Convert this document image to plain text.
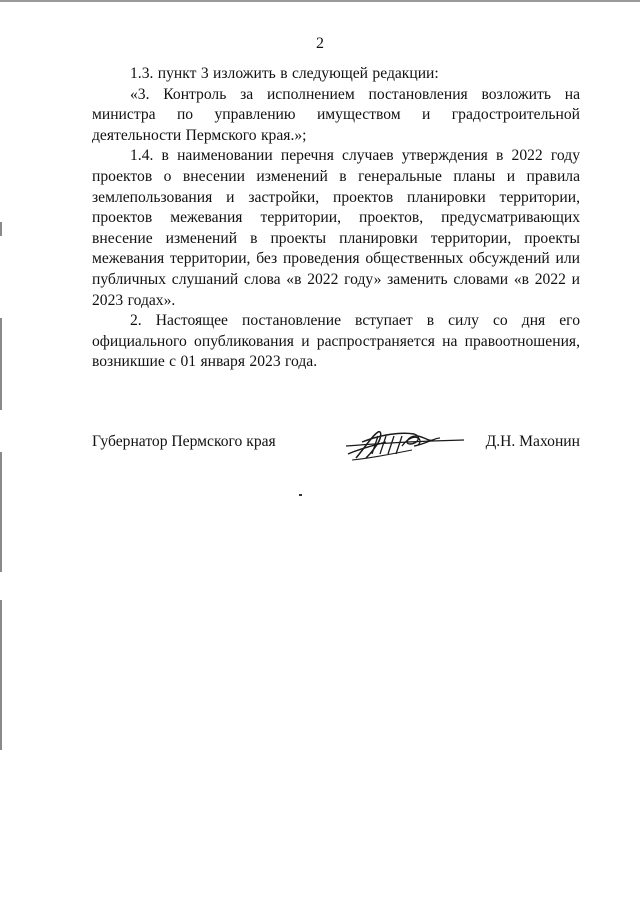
2

1.3. пункт 3 изложить в следующей редакции:

«3. Контроль за исполнением постановления возложить на министра по управлению имуществом и градостроительной деятельности Пермского края.»;

1.4. в наименовании перечня случаев утверждения в 2022 году проектов о внесении изменений в генеральные планы и правила землепользования и застройки, проектов планировки территории, проектов межевания территории, проектов, предусматривающих внесение изменений в проекты планировки территории, проекты межевания территории, без проведения общественных обсуждений или публичных слушаний слова «в 2022 году» заменить словами «в 2022 и 2023 годах».

2. Настоящее постановление вступает в силу со дня его официального опубликования и распространяется на правоотношения, возникшие с 01 января 2023 года.

Губернатор Пермского края	Д.Н. Махонин
